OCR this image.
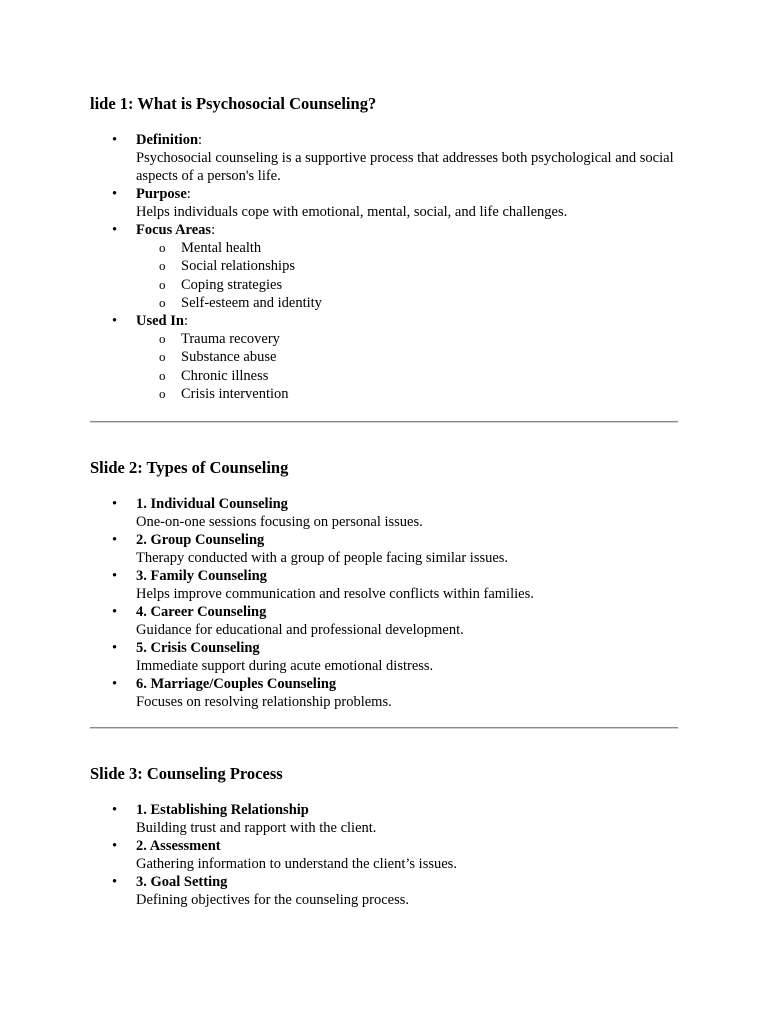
lide 1: What is Psychosocial Counseling?
• Definition:
Psychosocial counseling is a supportive process that addresses both psychological and social aspects of a person's life.
• Purpose:
Helps individuals cope with emotional, mental, social, and life challenges.
• Focus Areas:
o Mental health
o Social relationships
o Coping strategies
o Self-esteem and identity
• Used In:
o Trauma recovery
o Substance abuse
o Chronic illness
o Crisis intervention
Slide 2: Types of Counseling
• 1. Individual Counseling
One-on-one sessions focusing on personal issues.
• 2. Group Counseling
Therapy conducted with a group of people facing similar issues.
• 3. Family Counseling
Helps improve communication and resolve conflicts within families.
• 4. Career Counseling
Guidance for educational and professional development.
• 5. Crisis Counseling
Immediate support during acute emotional distress.
• 6. Marriage/Couples Counseling
Focuses on resolving relationship problems.
Slide 3: Counseling Process
• 1. Establishing Relationship
Building trust and rapport with the client.
• 2. Assessment
Gathering information to understand the client’s issues.
• 3. Goal Setting
Defining objectives for the counseling process.
